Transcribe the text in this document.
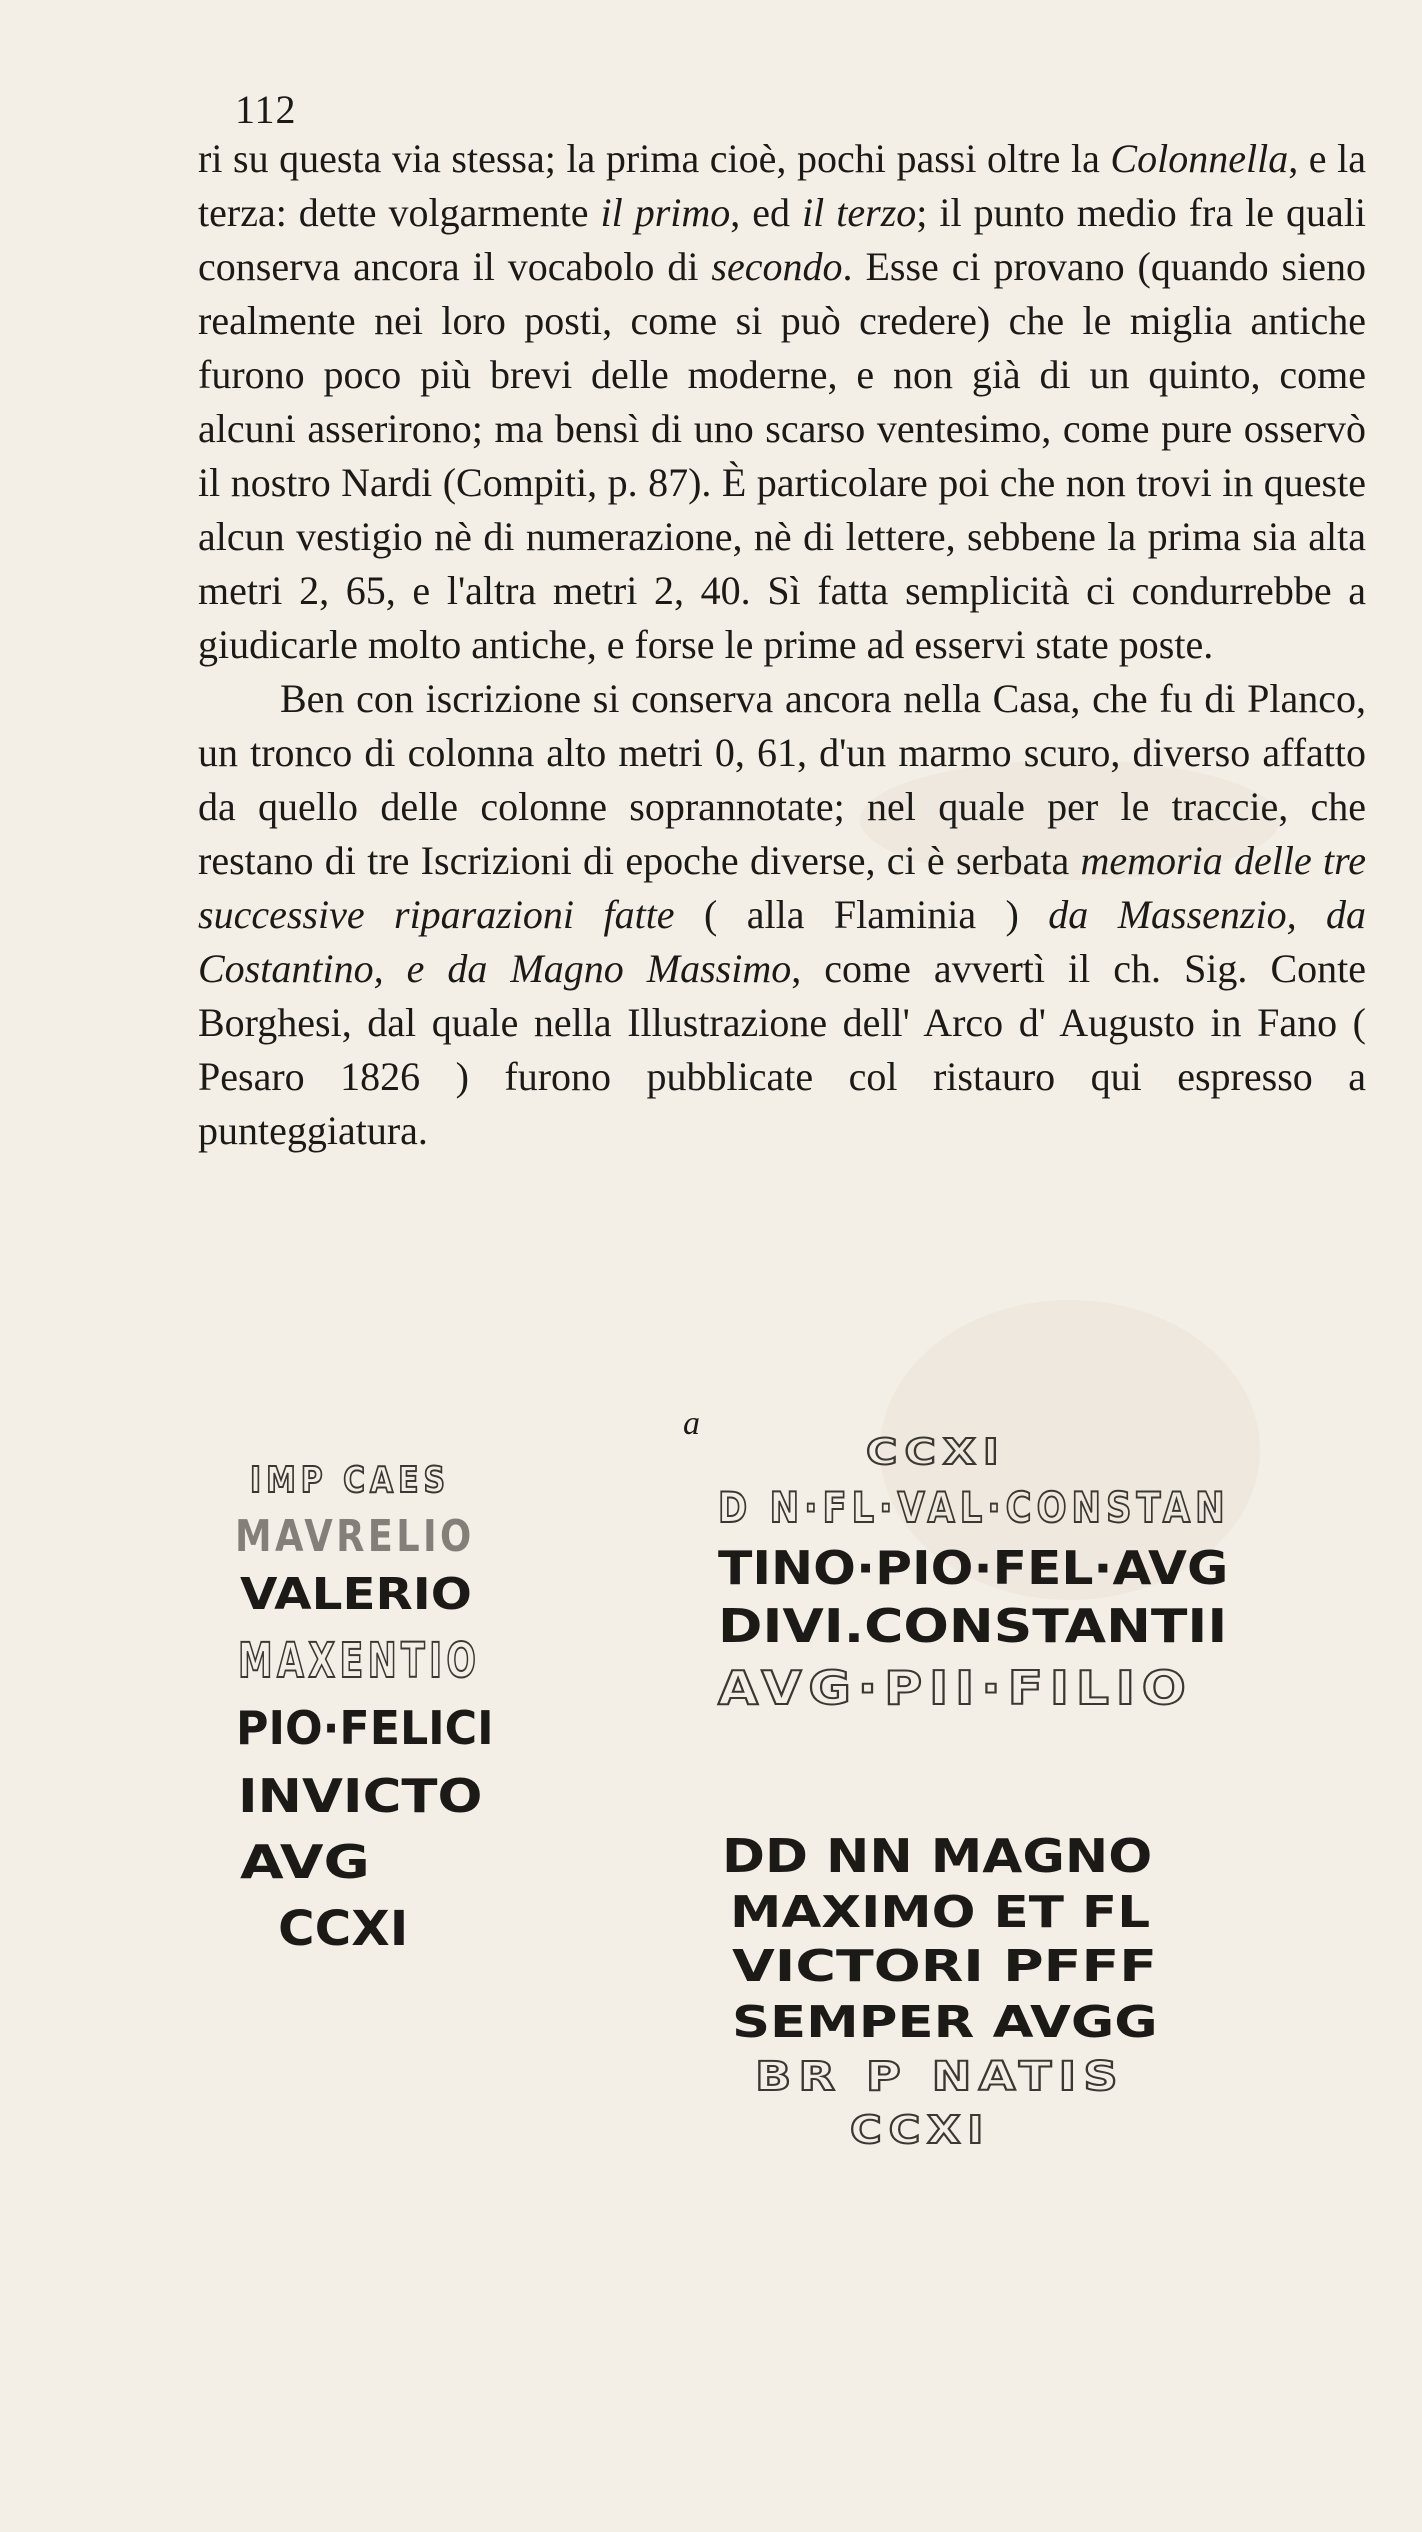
112

ri su questa via stessa; la prima cioè, pochi passi oltre la Colonnella, e la terza: dette volgarmente il primo, ed il terzo; il punto medio fra le quali conserva ancora il vocabolo di secondo. Esse ci provano (quando sieno realmente nei loro posti, come si può credere) che le miglia antiche furono poco più brevi delle moderne, e non già di un quinto, come alcuni asserirono; ma bensì di uno scarso ventesimo, come pure osservò il nostro Nardi (Compiti, p. 87). È particolare poi che non trovi in queste alcun vestigio nè di numerazione, nè di lettere, sebbene la prima sia alta metri 2, 65, e l'altra metri 2, 40. Sì fatta semplicità ci condurrebbe a giudicarle molto antiche, e forse le prime ad esservi state poste.

Ben con iscrizione si conserva ancora nella Casa, che fu di Planco, un tronco di colonna alto metri 0, 61, d'un marmo scuro, diverso affatto da quello delle colonne soprannotate; nel quale per le traccie, che restano di tre Iscrizioni di epoche diverse, ci è serbata memoria delle tre successive riparazioni fatte ( alla Flaminia ) da Massenzio, da Costantino, e da Magno Massimo, come avvertì il ch. Sig. Conte Borghesi, dal quale nella Illustrazione dell' Arco d' Augusto in Fano ( Pesaro 1826 ) furono pubblicate col ristauro qui espresso a punteggiatura.

a
IMP CAES
MAVRELIO
VALERIO
MAXENTIO
PIO·FELICI
INVICTO
AVG
CCXI
CCXI
D N·FL·VAL·CONSTAN
TINO·PIO·FEL·AVG
DIVI.CONSTANTII
AVG·PII·FILIO
DD NN MAGNO
MAXIMO ET FL
VICTORI PFFF
SEMPER AVGG
BR P NATIS
CCXI
